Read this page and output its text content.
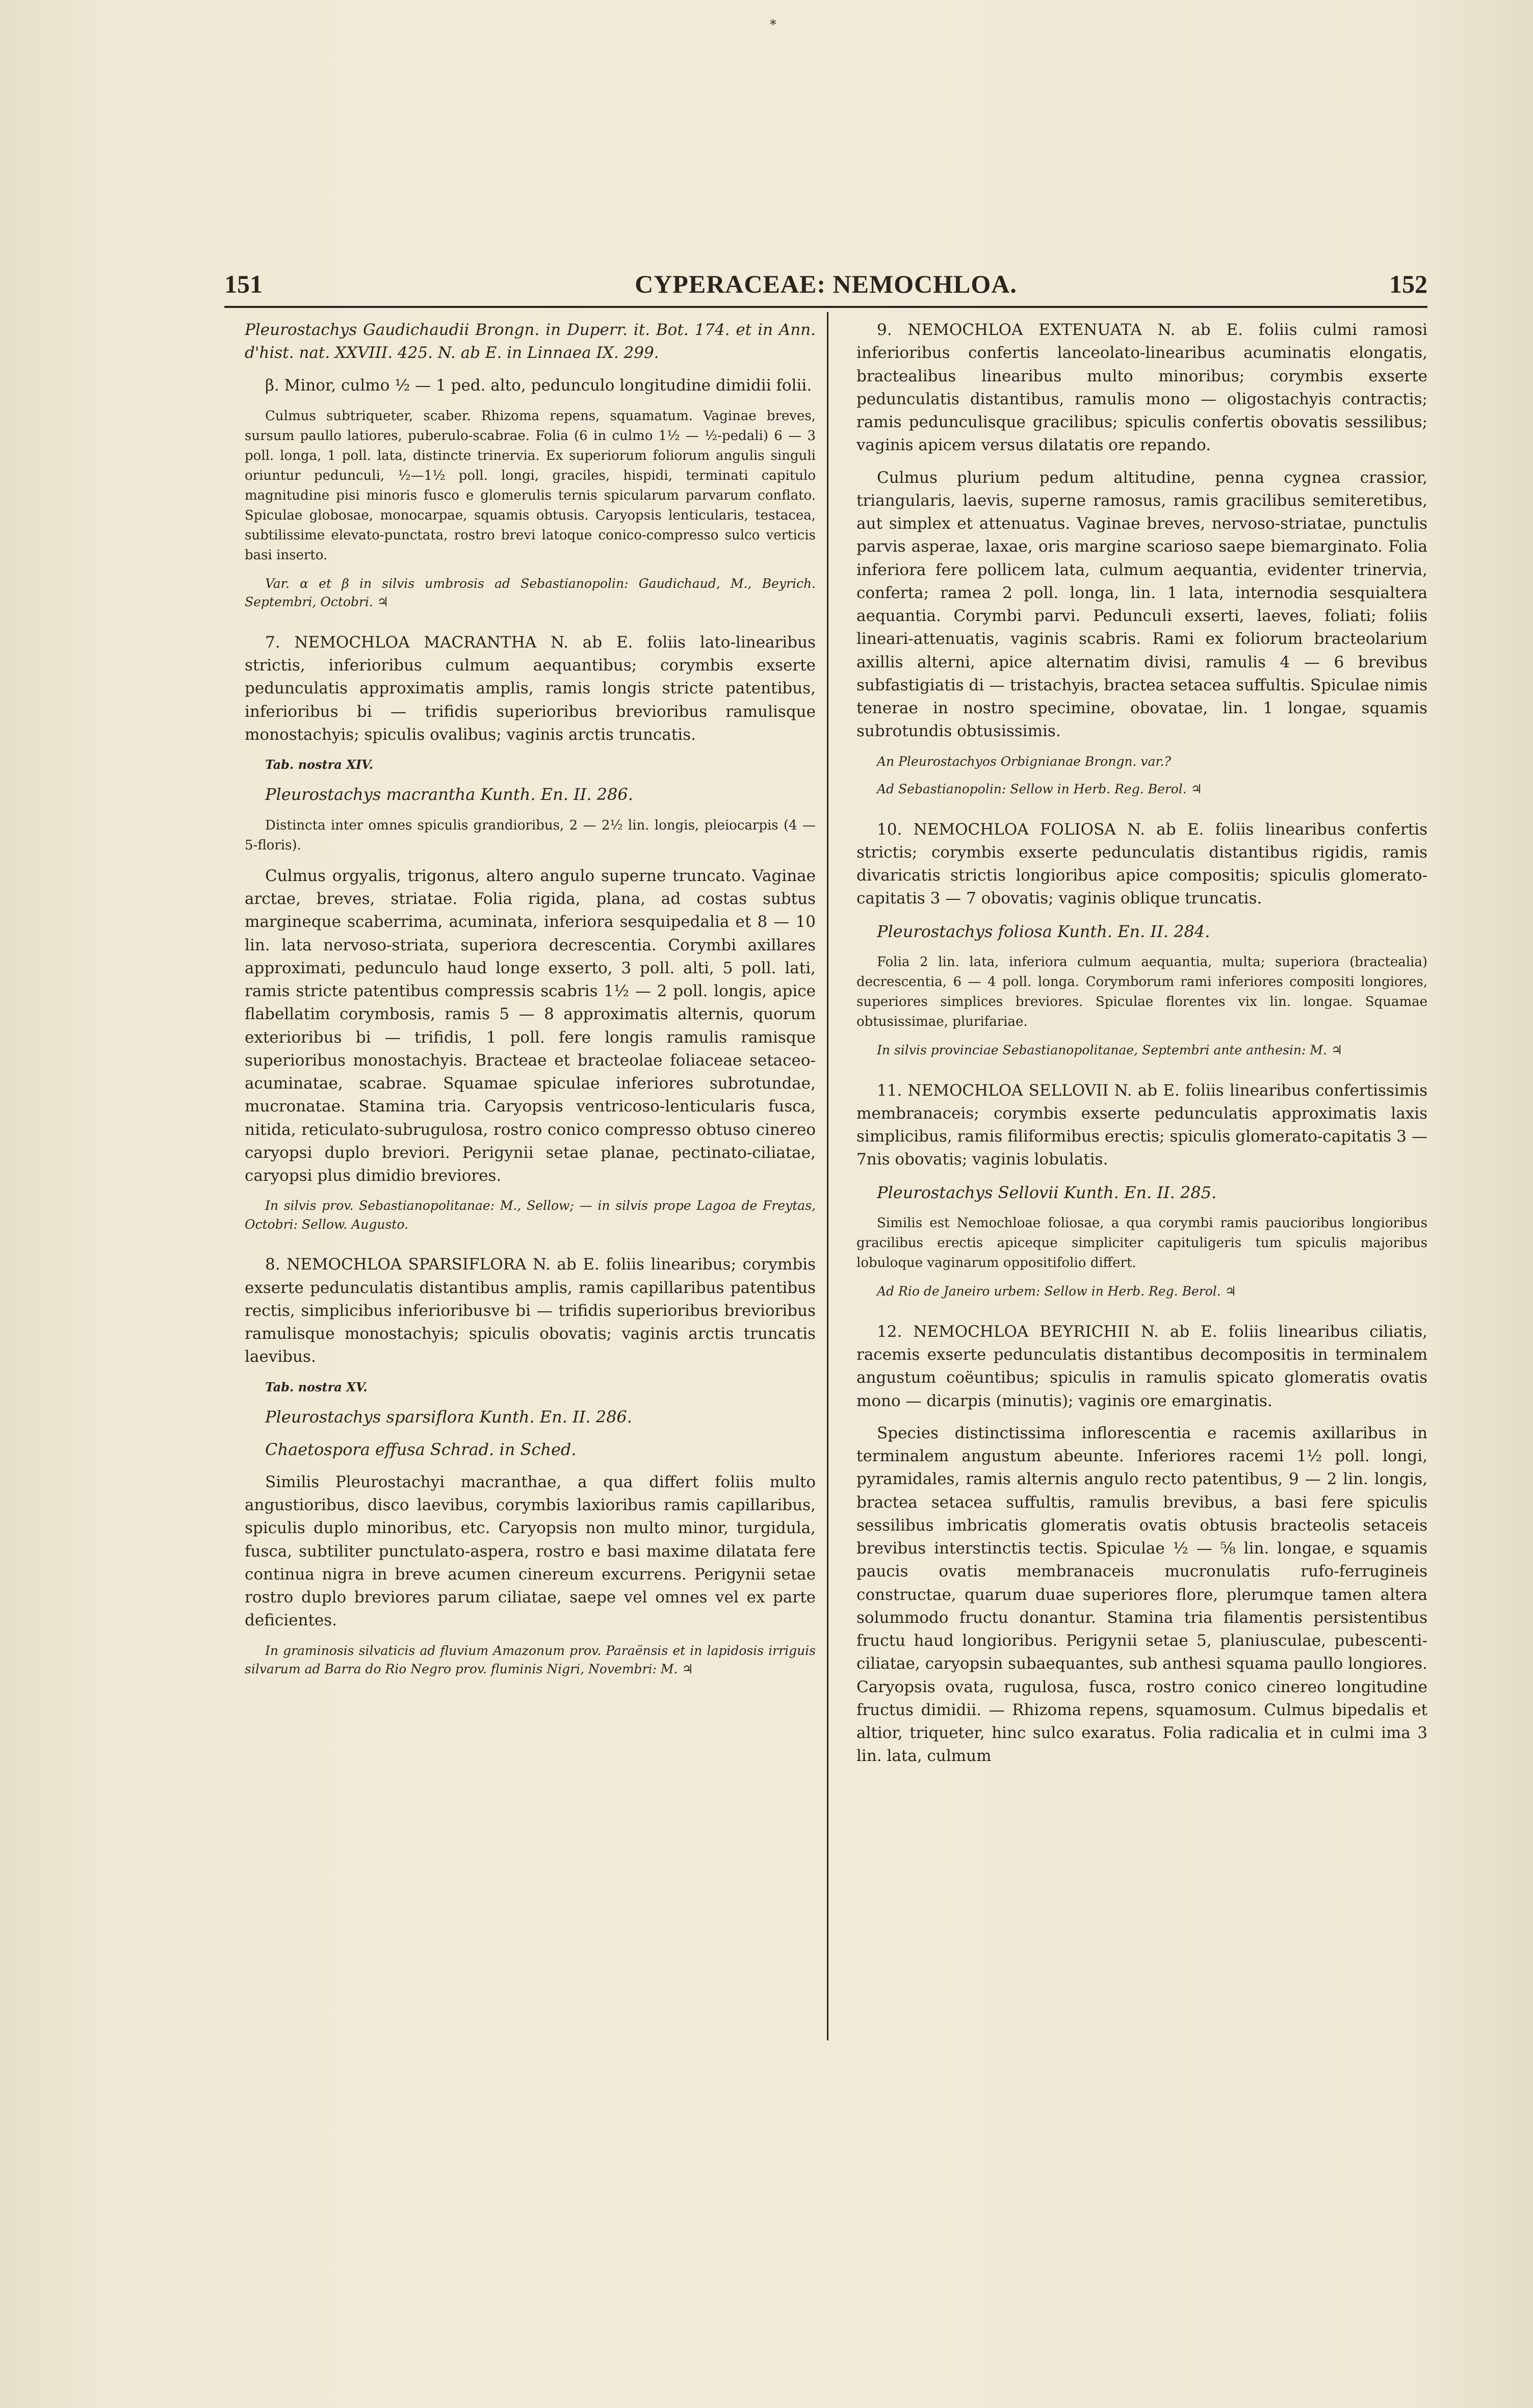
*
151	CYPERACEAE: NEMOCHLOA.	152

Pleurostachys Gaudichaudii Brongn. in Duperr. it. Bot. 174. et in Ann. d'hist. nat. XXVIII. 425. N. ab E. in Linnaea IX. 299.

β. Minor, culmo ½ — 1 ped. alto, pedunculo longitudine dimidii folii.

Culmus subtriqueter, scaber. Rhizoma repens, squamatum. Vaginae breves, sursum paullo latiores, puberulo-scabrae. Folia (6 in culmo 1½ — ½-pedali) 6 — 3 poll. longa, 1 poll. lata, distincte trinervia. Ex superiorum foliorum angulis singuli oriuntur pedunculi, ½—1½ poll. longi, graciles, hispidi, terminati capitulo magnitudine pisi minoris fusco e glomerulis ternis spicularum parvarum conflato. Spiculae globosae, monocarpae, squamis obtusis. Caryopsis lenticularis, testacea, subtilissime elevato-punctata, rostro brevi latoque conico-compresso sulco verticis basi inserto.

Var. α et β in silvis umbrosis ad Sebastianopolin: Gaudichaud, M., Beyrich. Septembri, Octobri. ♃

7. NEMOCHLOA MACRANTHA N. ab E. foliis lato-linearibus strictis, inferioribus culmum aequantibus; corymbis exserte pedunculatis approximatis amplis, ramis longis stricte patentibus, inferioribus bi — trifidis superioribus brevioribus ramulisque monostachyis; spiculis ovalibus; vaginis arctis truncatis.

Tab. nostra XIV.

Pleurostachys macrantha Kunth. En. II. 286.

Distincta inter omnes spiculis grandioribus, 2 — 2½ lin. longis, pleiocarpis (4 — 5-floris).

Culmus orgyalis, trigonus, altero angulo superne truncato. Vaginae arctae, breves, striatae. Folia rigida, plana, ad costas subtus margineque scaberrima, acuminata, inferiora sesquipedalia et 8 — 10 lin. lata nervoso-striata, superiora decrescentia. Corymbi axillares approximati, pedunculo haud longe exserto, 3 poll. alti, 5 poll. lati, ramis stricte patentibus compressis scabris 1½ — 2 poll. longis, apice flabellatim corymbosis, ramis 5 — 8 approximatis alternis, quorum exterioribus bi — trifidis, 1 poll. fere longis ramulis ramisque superioribus monostachyis. Bracteae et bracteolae foliaceae setaceo-acuminatae, scabrae. Squamae spiculae inferiores subrotundae, mucronatae. Stamina tria. Caryopsis ventricoso-lenticularis fusca, nitida, reticulato-subrugulosa, rostro conico compresso obtuso cinereo caryopsi duplo breviori. Perigynii setae planae, pectinato-ciliatae, caryopsi plus dimidio breviores.

In silvis prov. Sebastianopolitanae: M., Sellow; — in silvis prope Lagoa de Freytas, Octobri: Sellow. Augusto.

8. NEMOCHLOA SPARSIFLORA N. ab E. foliis linearibus; corymbis exserte pedunculatis distantibus amplis, ramis capillaribus patentibus rectis, simplicibus inferioribusve bi — trifidis superioribus brevioribus ramulisque monostachyis; spiculis obovatis; vaginis arctis truncatis laevibus.

Tab. nostra XV.

Pleurostachys sparsiflora Kunth. En. II. 286.

Chaetospora effusa Schrad. in Sched.

Similis Pleurostachyi macranthae, a qua differt foliis multo angustioribus, disco laevibus, corymbis laxioribus ramis capillaribus, spiculis duplo minoribus, etc. Caryopsis non multo minor, turgidula, fusca, subtiliter punctulato-aspera, rostro e basi maxime dilatata fere continua nigra in breve acumen cinereum excurrens. Perigynii setae rostro duplo breviores parum ciliatae, saepe vel omnes vel ex parte deficientes.

In graminosis silvaticis ad fluvium Amazonum prov. Paraënsis et in lapidosis irriguis silvarum ad Barra do Rio Negro prov. fluminis Nigri, Novembri: M. ♃

9. NEMOCHLOA EXTENUATA N. ab E. foliis culmi ramosi inferioribus confertis lanceolato-linearibus acuminatis elongatis, bractealibus linearibus multo minoribus; corymbis exserte pedunculatis distantibus, ramulis mono — oligostachyis contractis; ramis pedunculisque gracilibus; spiculis confertis obovatis sessilibus; vaginis apicem versus dilatatis ore repando.

Culmus plurium pedum altitudine, penna cygnea crassior, triangularis, laevis, superne ramosus, ramis gracilibus semiteretibus, aut simplex et attenuatus. Vaginae breves, nervoso-striatae, punctulis parvis asperae, laxae, oris margine scarioso saepe biemarginato. Folia inferiora fere pollicem lata, culmum aequantia, evidenter trinervia, conferta; ramea 2 poll. longa, lin. 1 lata, internodia sesquialtera aequantia. Corymbi parvi. Pedunculi exserti, laeves, foliati; foliis lineari-attenuatis, vaginis scabris. Rami ex foliorum bracteolarium axillis alterni, apice alternatim divisi, ramulis 4 — 6 brevibus subfastigiatis di — tristachyis, bractea setacea suffultis. Spiculae nimis tenerae in nostro specimine, obovatae, lin. 1 longae, squamis subrotundis obtusissimis.

An Pleurostachyos Orbignianae Brongn. var.?

Ad Sebastianopolin: Sellow in Herb. Reg. Berol. ♃

10. NEMOCHLOA FOLIOSA N. ab E. foliis linearibus confertis strictis; corymbis exserte pedunculatis distantibus rigidis, ramis divaricatis strictis longioribus apice compositis; spiculis glomerato-capitatis 3 — 7 obovatis; vaginis oblique truncatis.

Pleurostachys foliosa Kunth. En. II. 284.

Folia 2 lin. lata, inferiora culmum aequantia, multa; superiora (bractealia) decrescentia, 6 — 4 poll. longa. Corymborum rami inferiores compositi longiores, superiores simplices breviores. Spiculae florentes vix lin. longae. Squamae obtusissimae, plurifariae.

In silvis provinciae Sebastianopolitanae, Septembri ante anthesin: M. ♃

11. NEMOCHLOA SELLOVII N. ab E. foliis linearibus confertissimis membranaceis; corymbis exserte pedunculatis approximatis laxis simplicibus, ramis filiformibus erectis; spiculis glomerato-capitatis 3 — 7nis obovatis; vaginis lobulatis.

Pleurostachys Sellovii Kunth. En. II. 285.

Similis est Nemochloae foliosae, a qua corymbi ramis paucioribus longioribus gracilibus erectis apiceque simpliciter capituligeris tum spiculis majoribus lobuloque vaginarum oppositifolio differt.

Ad Rio de Janeiro urbem: Sellow in Herb. Reg. Berol. ♃

12. NEMOCHLOA BEYRICHII N. ab E. foliis linearibus ciliatis, racemis exserte pedunculatis distantibus decompositis in terminalem angustum coëuntibus; spiculis in ramulis spicato glomeratis ovatis mono — dicarpis (minutis); vaginis ore emarginatis.

Species distinctissima inflorescentia e racemis axillaribus in terminalem angustum abeunte. Inferiores racemi 1½ poll. longi, pyramidales, ramis alternis angulo recto patentibus, 9 — 2 lin. longis, bractea setacea suffultis, ramulis brevibus, a basi fere spiculis sessilibus imbricatis glomeratis ovatis obtusis bracteolis setaceis brevibus interstinctis tectis. Spiculae ½ — ⅝ lin. longae, e squamis paucis ovatis membranaceis mucronulatis rufo-ferrugineis constructae, quarum duae superiores flore, plerumque tamen altera solummodo fructu donantur. Stamina tria filamentis persistentibus fructu haud longioribus. Perigynii setae 5, planiusculae, pubescenti-ciliatae, caryopsin subaequantes, sub anthesi squama paullo longiores. Caryopsis ovata, rugulosa, fusca, rostro conico cinereo longitudine fructus dimidii. — Rhizoma repens, squamosum. Culmus bipedalis et altior, triqueter, hinc sulco exaratus. Folia radicalia et in culmi ima 3 lin. lata, culmum
